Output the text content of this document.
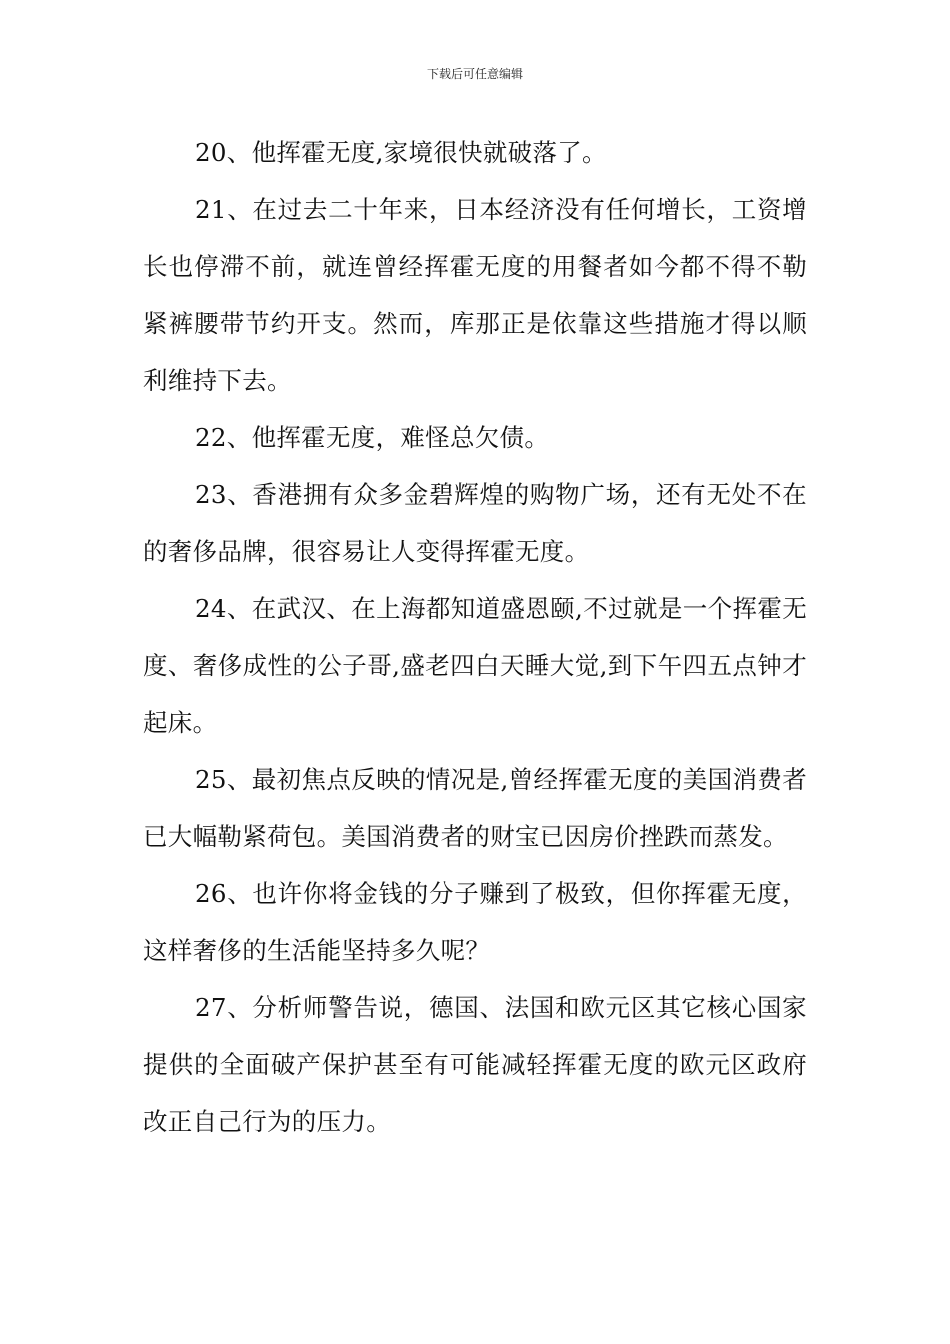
下载后可任意编辑

20、他挥霍无度,家境很快就破落了。

21、在过去二十年来，日本经济没有任何增长，工资增长也停滞不前，就连曾经挥霍无度的用餐者如今都不得不勒紧裤腰带节约开支。然而，库那正是依靠这些措施才得以顺利维持下去。

22、他挥霍无度，难怪总欠债。

23、香港拥有众多金碧辉煌的购物广场，还有无处不在的奢侈品牌，很容易让人变得挥霍无度。

24、在武汉、在上海都知道盛恩颐,不过就是一个挥霍无度、奢侈成性的公子哥,盛老四白天睡大觉,到下午四五点钟才起床。

25、最初焦点反映的情况是,曾经挥霍无度的美国消费者已大幅勒紧荷包。美国消费者的财宝已因房价挫跌而蒸发。

26、也许你将金钱的分子赚到了极致，但你挥霍无度，这样奢侈的生活能坚持多久呢？

27、分析师警告说，德国、法国和欧元区其它核心国家提供的全面破产保护甚至有可能减轻挥霍无度的欧元区政府改正自己行为的压力。
